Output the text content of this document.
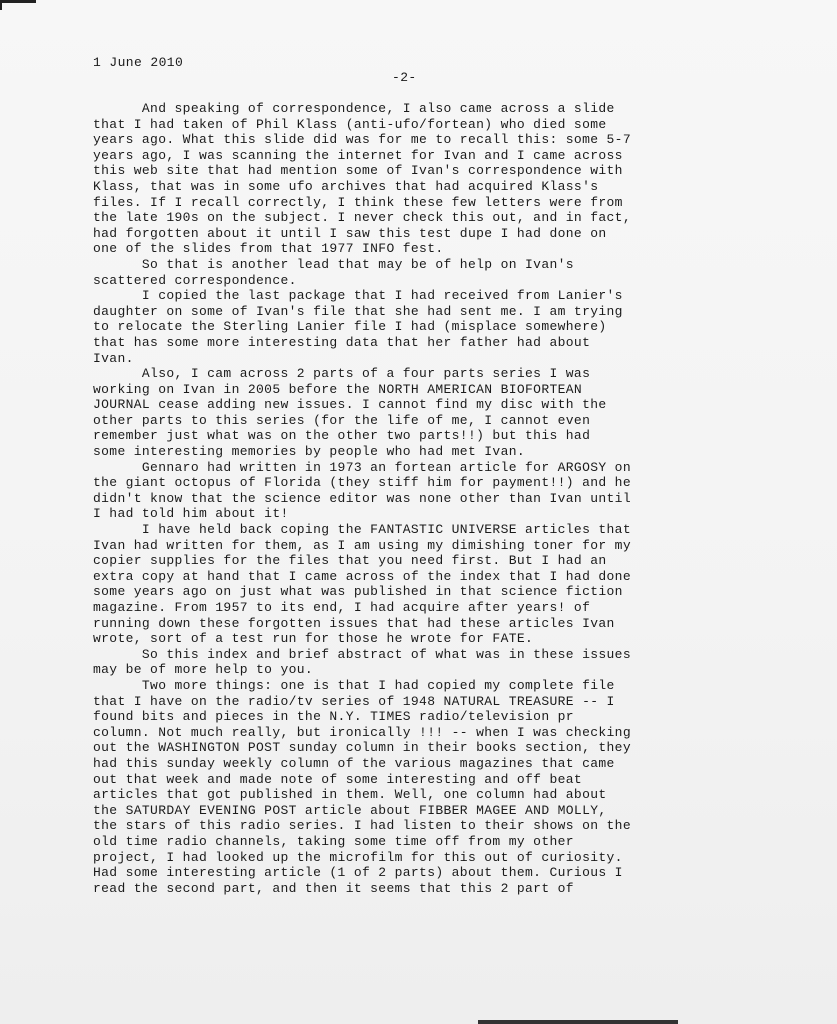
1 June 2010
-2-
And speaking of correspondence, I also came across a slide
that I had taken of Phil Klass (anti-ufo/fortean) who died some
years ago. What this slide did was for me to recall this: some 5-7
years ago, I was scanning the internet for Ivan and I came across
this web site that had mention some of Ivan's correspondence with
Klass, that was in some ufo archives that had acquired Klass's
files. If I recall correctly, I think these few letters were from
the late 190s on the subject. I never check this out, and in fact,
had forgotten about it until I saw this test dupe I had done on
one of the slides from that 1977 INFO fest.
So that is another lead that may be of help on Ivan's
scattered correspondence.
I copied the last package that I had received from Lanier's
daughter on some of Ivan's file that she had sent me. I am trying
to relocate the Sterling Lanier file I had (misplace somewhere)
that has some more interesting data that her father had about
Ivan.
Also, I cam across 2 parts of a four parts series I was
working on Ivan in 2005 before the NORTH AMERICAN BIOFORTEAN
JOURNAL cease adding new issues. I cannot find my disc with the
other parts to this series (for the life of me, I cannot even
remember just what was on the other two parts!!) but this had
some interesting memories by people who had met Ivan.
Gennaro had written in 1973 an fortean article for ARGOSY on
the giant octopus of Florida (they stiff him for payment!!) and he
didn't know that the science editor was none other than Ivan until
I had told him about it!
I have held back coping the FANTASTIC UNIVERSE articles that
Ivan had written for them, as I am using my dimishing toner for my
copier supplies for the files that you need first. But I had an
extra copy at hand that I came across of the index that I had done
some years ago on just what was published in that science fiction
magazine. From 1957 to its end, I had acquire after years! of
running down these forgotten issues that had these articles Ivan
wrote, sort of a test run for those he wrote for FATE.
So this index and brief abstract of what was in these issues
may be of more help to you.
Two more things: one is that I had copied my complete file
that I have on the radio/tv series of 1948 NATURAL TREASURE -- I
found bits and pieces in the N.Y. TIMES radio/television pr
column. Not much really, but ironically !!! -- when I was checking
out the WASHINGTON POST sunday column in their books section, they
had this sunday weekly column of the various magazines that came
out that week and made note of some interesting and off beat
articles that got published in them. Well, one column had about
the SATURDAY EVENING POST article about FIBBER MAGEE AND MOLLY,
the stars of this radio series. I had listen to their shows on the
old time radio channels, taking some time off from my other
project, I had looked up the microfilm for this out of curiosity.
Had some interesting article (1 of 2 parts) about them. Curious I
read the second part, and then it seems that this 2 part of
